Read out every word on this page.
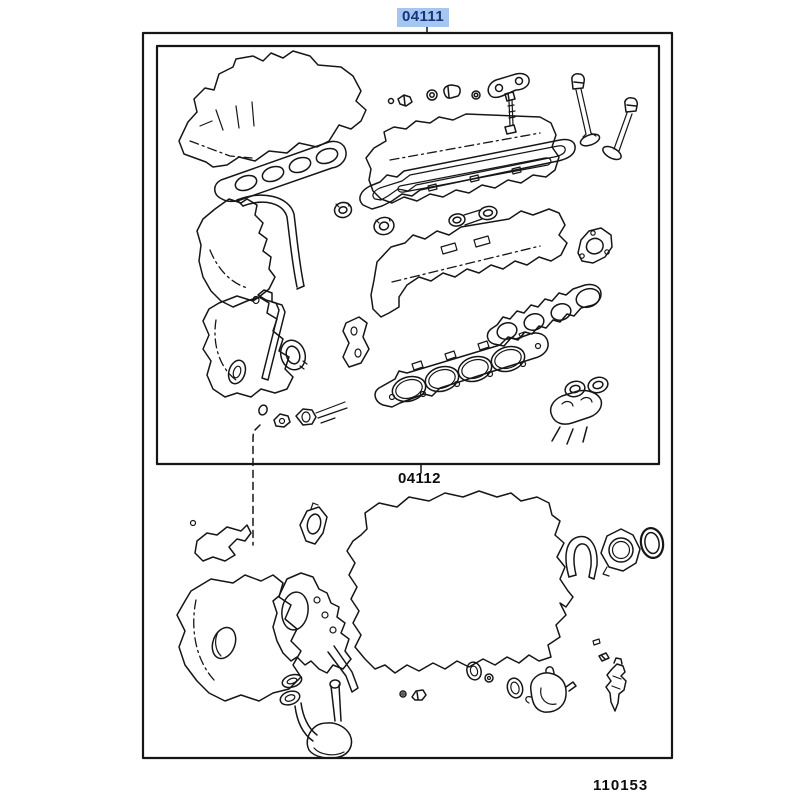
04111
04112
110153
